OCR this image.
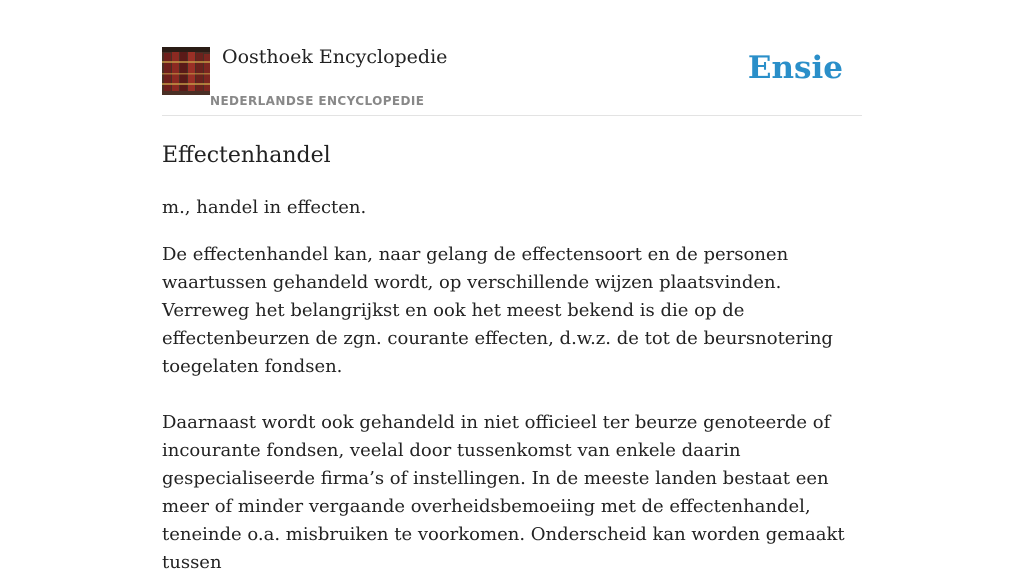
Oosthoek Encyclopedie
NEDERLANDSE ENCYCLOPEDIE
Ensie
Effectenhandel

m., handel in effecten.

De effectenhandel kan, naar gelang de effectensoort en de personen waartussen gehandeld wordt, op verschillende wijzen plaatsvinden. Verreweg het belangrijkst en ook het meest bekend is die op de effectenbeurzen de zgn. courante effecten, d.w.z. de tot de beursnotering toegelaten fondsen.

Daarnaast wordt ook gehandeld in niet officieel ter beurze genoteerde of incourante fondsen, veelal door tussenkomst van enkele daarin gespecialiseerde firma’s of instellingen. In de meeste landen bestaat een meer of minder vergaande overheidsbemoeiing met de effectenhandel, teneinde o.a. misbruiken te voorkomen. Onderscheid kan worden gemaakt tussen
